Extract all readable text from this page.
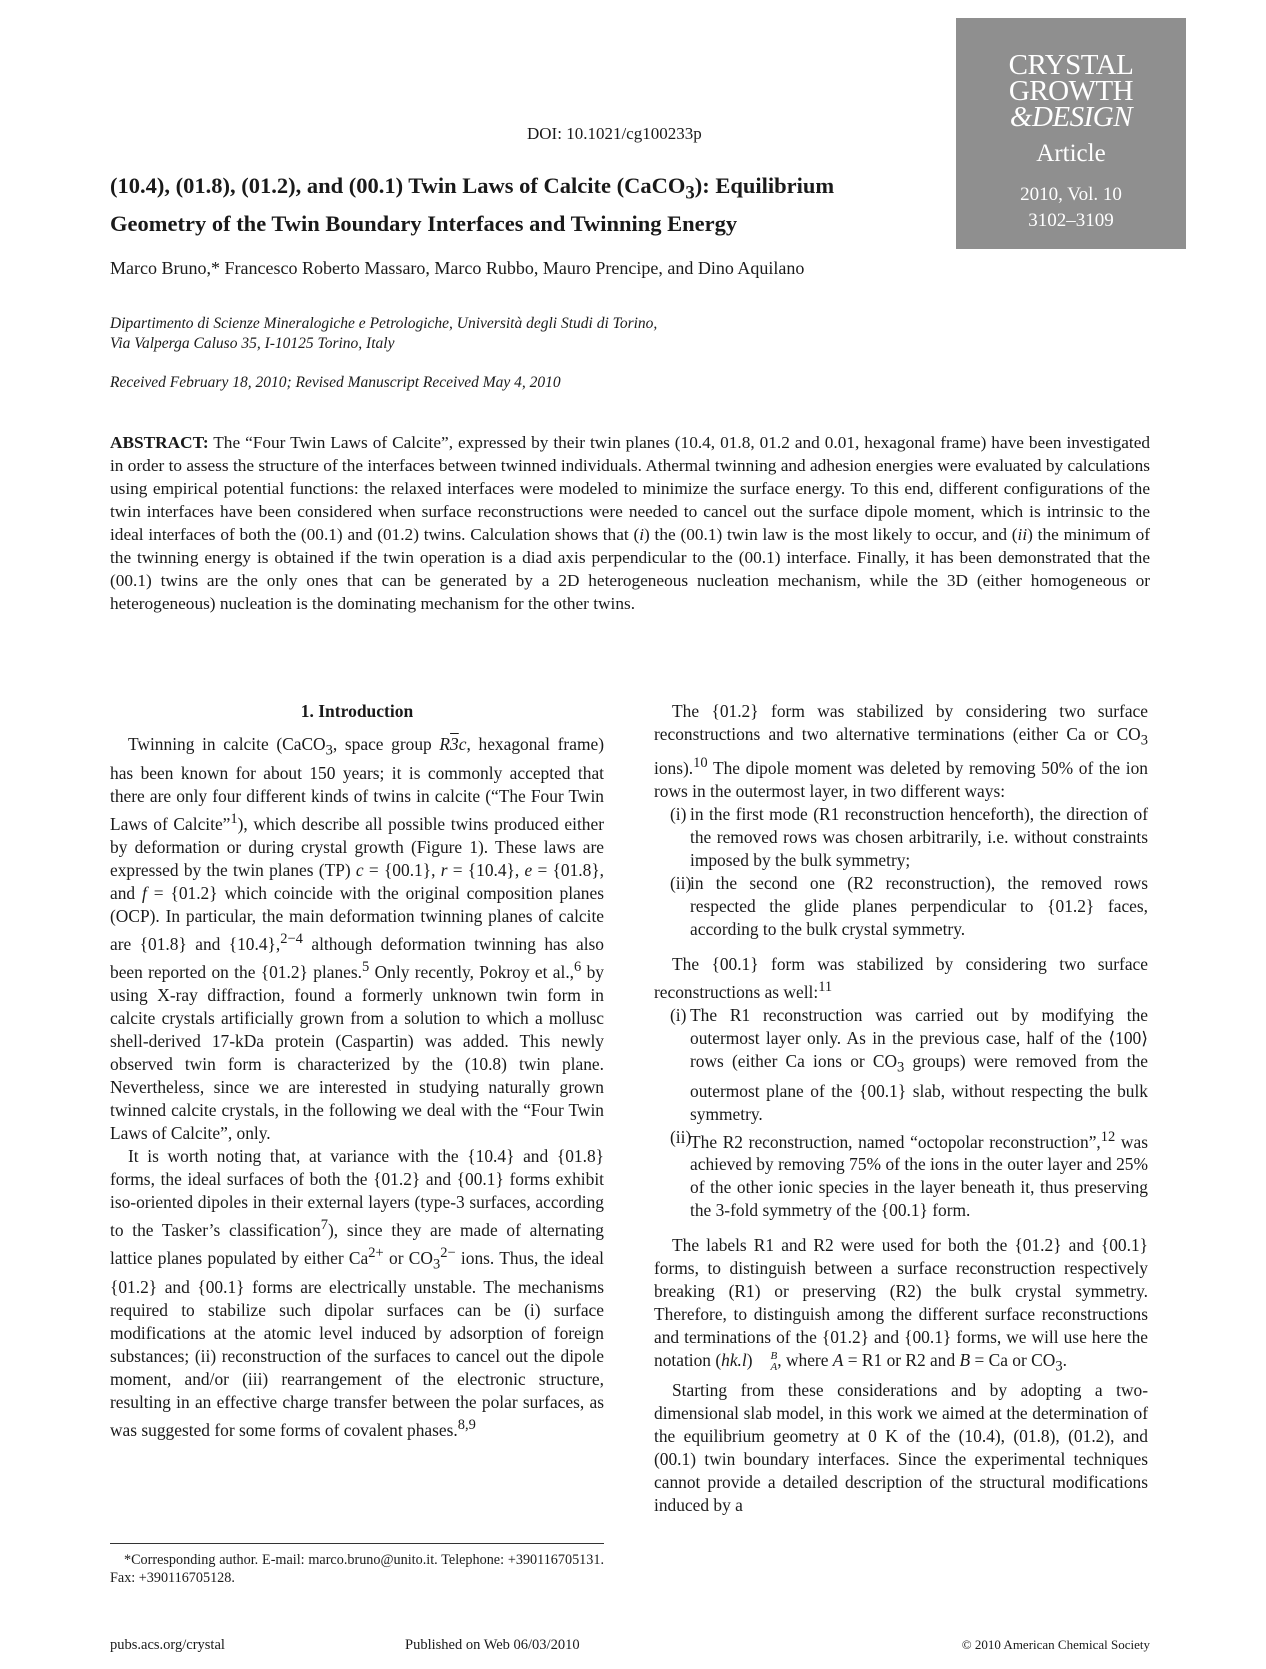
DOI: 10.1021/cg100233p
CRYSTAL
GROWTH
&DESIGN
Article
2010, Vol. 10
3102–3109
(10.4), (01.8), (01.2), and (00.1) Twin Laws of Calcite (CaCO$_3$): Equilibrium Geometry of the Twin Boundary Interfaces and Twinning Energy
Marco Bruno,* Francesco Roberto Massaro, Marco Rubbo, Mauro Prencipe, and Dino Aquilano
Dipartimento di Scienze Mineralogiche e Petrologiche, Università degli Studi di Torino,
Via Valperga Caluso 35, I-10125 Torino, Italy
Received February 18, 2010; Revised Manuscript Received May 4, 2010
ABSTRACT: The “Four Twin Laws of Calcite”, expressed by their twin planes (10.4, 01.8, 01.2 and 0.01, hexagonal frame) have been investigated in order to assess the structure of the interfaces between twinned individuals. Athermal twinning and adhesion energies were evaluated by calculations using empirical potential functions: the relaxed interfaces were modeled to minimize the surface energy. To this end, different configurations of the twin interfaces have been considered when surface reconstructions were needed to cancel out the surface dipole moment, which is intrinsic to the ideal interfaces of both the (00.1) and (01.2) twins. Calculation shows that (i) the (00.1) twin law is the most likely to occur, and (ii) the minimum of the twinning energy is obtained if the twin operation is a diad axis perpendicular to the (00.1) interface. Finally, it has been demonstrated that the (00.1) twins are the only ones that can be generated by a 2D heterogeneous nucleation mechanism, while the 3D (either homogeneous or heterogeneous) nucleation is the dominating mechanism for the other twins.
1. Introduction

Twinning in calcite (CaCO$_3$, space group R3c, hexagonal frame) has been known for about 150 years; it is commonly accepted that there are only four different kinds of twins in calcite (“The Four Twin Laws of Calcite”$^1$), which describe all possible twins produced either by deformation or during crystal growth (Figure 1). These laws are expressed by the twin planes (TP) c = {00.1}, r = {10.4}, e = {01.8}, and f = {01.2} which coincide with the original composition planes (OCP). In particular, the main deformation twinning planes of calcite are {01.8} and {10.4},$^{2-4}$ although deformation twinning has also been reported on the {01.2} planes.$^5$ Only recently, Pokroy et al.,$^6$ by using X-ray diffraction, found a formerly unknown twin form in calcite crystals artificially grown from a solution to which a mollusc shell-derived 17-kDa protein (Caspartin) was added. This newly observed twin form is characterized by the (10.8) twin plane. Nevertheless, since we are interested in studying naturally grown twinned calcite crystals, in the following we deal with the “Four Twin Laws of Calcite”, only.

It is worth noting that, at variance with the {10.4} and {01.8} forms, the ideal surfaces of both the {01.2} and {00.1} forms exhibit iso-oriented dipoles in their external layers (type-3 surfaces, according to the Tasker’s classification$^7$), since they are made of alternating lattice planes populated by either $Ca^{2+}$ or $CO_3^{2-}$ ions. Thus, the ideal {01.2} and {00.1} forms are electrically unstable. The mechanisms required to stabilize such dipolar surfaces can be (i) surface modifications at the atomic level induced by adsorption of foreign substances; (ii) reconstruction of the surfaces to cancel out the dipole moment, and/or (iii) rearrangement of the electronic structure, resulting in an effective charge transfer between the polar surfaces, as was suggested for some forms of covalent phases.$^{8,9}$

The {01.2} form was stabilized by considering two surface reconstructions and two alternative terminations (either Ca or $CO_3$ ions).$^{10}$ The dipole moment was deleted by removing 50% of the ion rows in the outermost layer, in two different ways:

(i) in the first mode (R1 reconstruction henceforth), the direction of the removed rows was chosen arbitrarily, i.e. without constraints imposed by the bulk symmetry;
(ii)
in the second one (R2 reconstruction), the removed rows respected the glide planes perpendicular to {01.2} faces, according to the bulk crystal symmetry.

The {00.1} form was stabilized by considering two surface reconstructions as well:$^{11}$

(i) The R1 reconstruction was carried out by modifying the outermost layer only. As in the previous case, half of the ⟨100⟩ rows (either Ca ions or $CO_3$ groups) were removed from the outermost plane of the {00.1} slab, without respecting the bulk symmetry.
(ii)
The R2 reconstruction, named “octopolar reconstruction”,$^{12}$ was achieved by removing 75% of the ions in the outer layer and 25% of the other ionic species in the layer beneath it, thus preserving the 3-fold symmetry of the {00.1} form.

The labels R1 and R2 were used for both the {01.2} and {00.1} forms, to distinguish between a surface reconstruction respectively breaking (R1) or preserving (R2) the bulk crystal symmetry. Therefore, to distinguish among the different surface reconstructions and terminations of the {01.2} and {00.1} forms, we will use here the notation (hk.l)	B
A , where A = R1 or R2 and B = Ca or $CO_3$.

Starting from these considerations and by adopting a two-dimensional slab model, in this work we aimed at the determination of the equilibrium geometry at 0 K of the (10.4), (01.8), (01.2), and (00.1) twin boundary interfaces. Since the experimental techniques cannot provide a detailed description of the structural modifications induced by a

*Corresponding author. E-mail: marco.bruno@unito.it. Telephone: +390116705131. Fax: +390116705128.
pubs.acs.org/crystal	Published on Web 06/03/2010	© 2010 American Chemical Society
